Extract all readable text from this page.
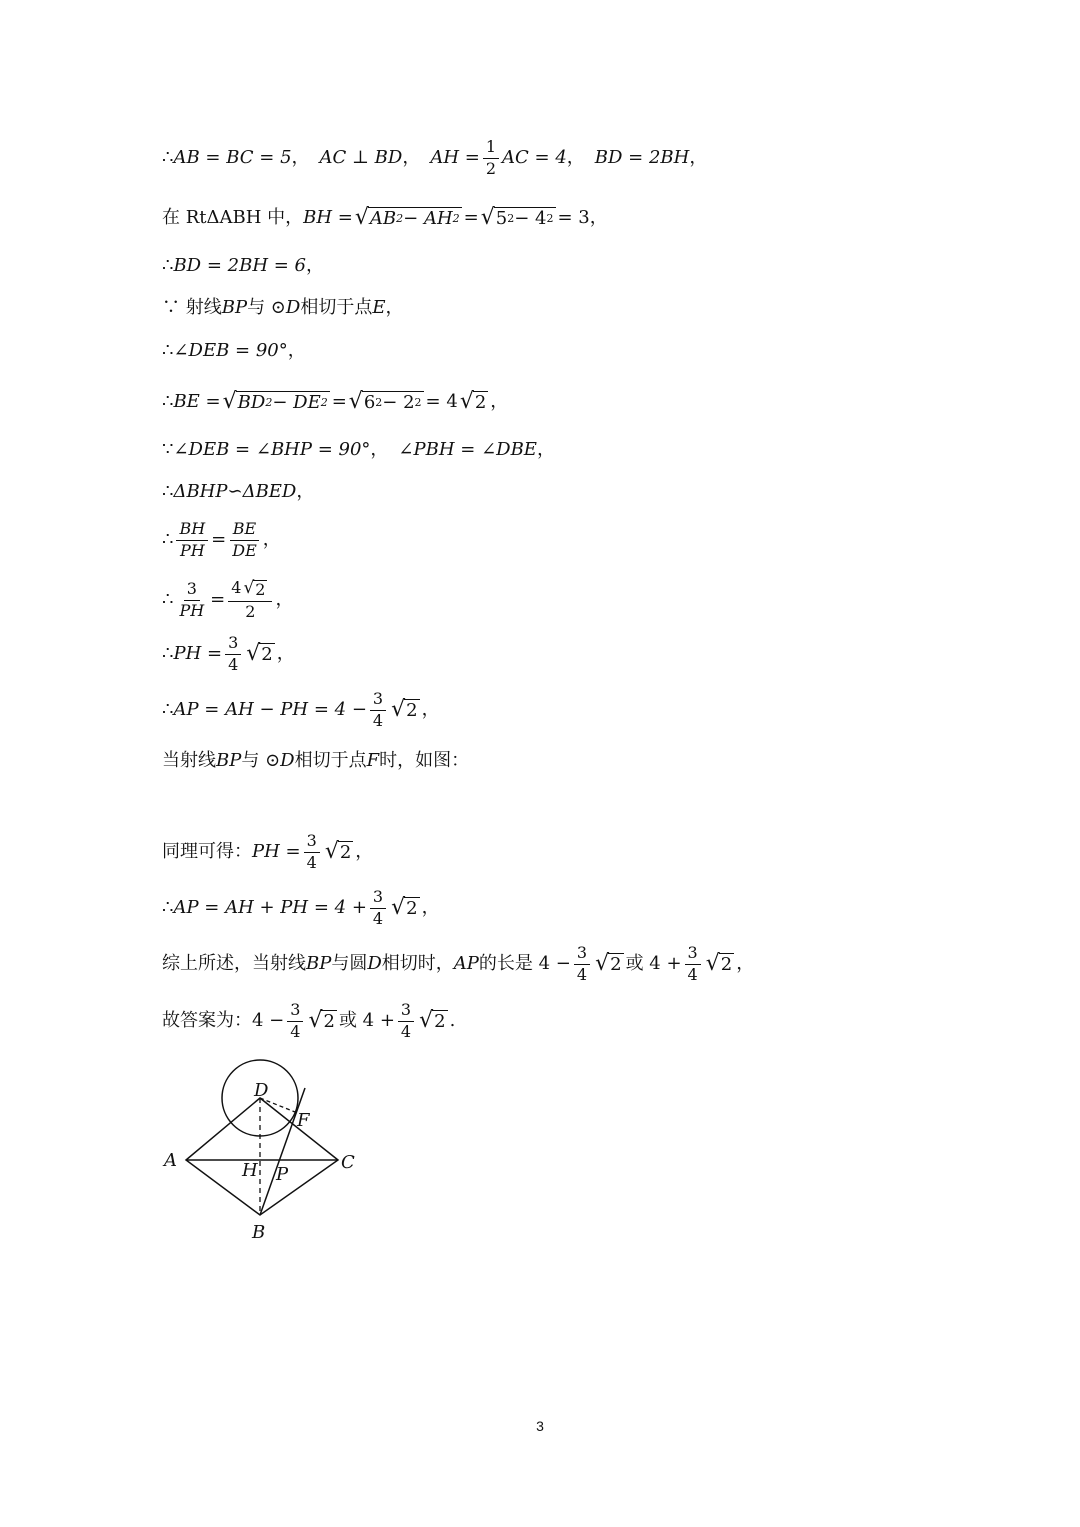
∴ AB = BC = 5 ， AC ⊥ BD ， AH = $\frac{1}{2}$ AC = 4 ， BD = 2BH ，
在 RtΔABH 中， BH = √ AB 2 − AH 2 = √ 5 2 − 4 2 = 3 ，
∴ BD = 2BH = 6 ，
∵ 射线 BP 与 ⊙ D 相切于点 E ，
∴ ∠DEB = 90° ，
∴ BE = √ BD 2 − DE 2 = √ 6 2 − 2 2 = 4 √ 2 ，
∵ ∠DEB = ∠BHP = 90° ， ∠PBH = ∠DBE ，
∴ ΔBHP∽ΔBED ，
∴ $\frac{BH}{PH} = \frac{BE}{DE}$ ，
∴ $\frac{3}{PH} = \frac{4 √ 2}{2}$ ，
∴ PH = $\frac{3}{4}$ √ 2 ，
∴ AP = AH − PH = $4 - \frac{3}{4}$ √ 2 ，
当射线 BP 与 ⊙ D 相切于点 F 时，如图：
同理可得： PH = $\frac{3}{4}$ √ 2 ，
∴ AP = AH + PH = $4 + \frac{3}{4}$ √ 2 ，
综上所述，当射线 BP 与圆 D 相切时， AP 的长是 $4 - \frac{3}{4}$ √ 2 或 $4 + \frac{3}{4}$ √ 2 ，
故答案为： $4 - \frac{3}{4}$ √ 2 或 $4 + \frac{3}{4}$ √ 2 .
D
F
A	H P
C
B
3
